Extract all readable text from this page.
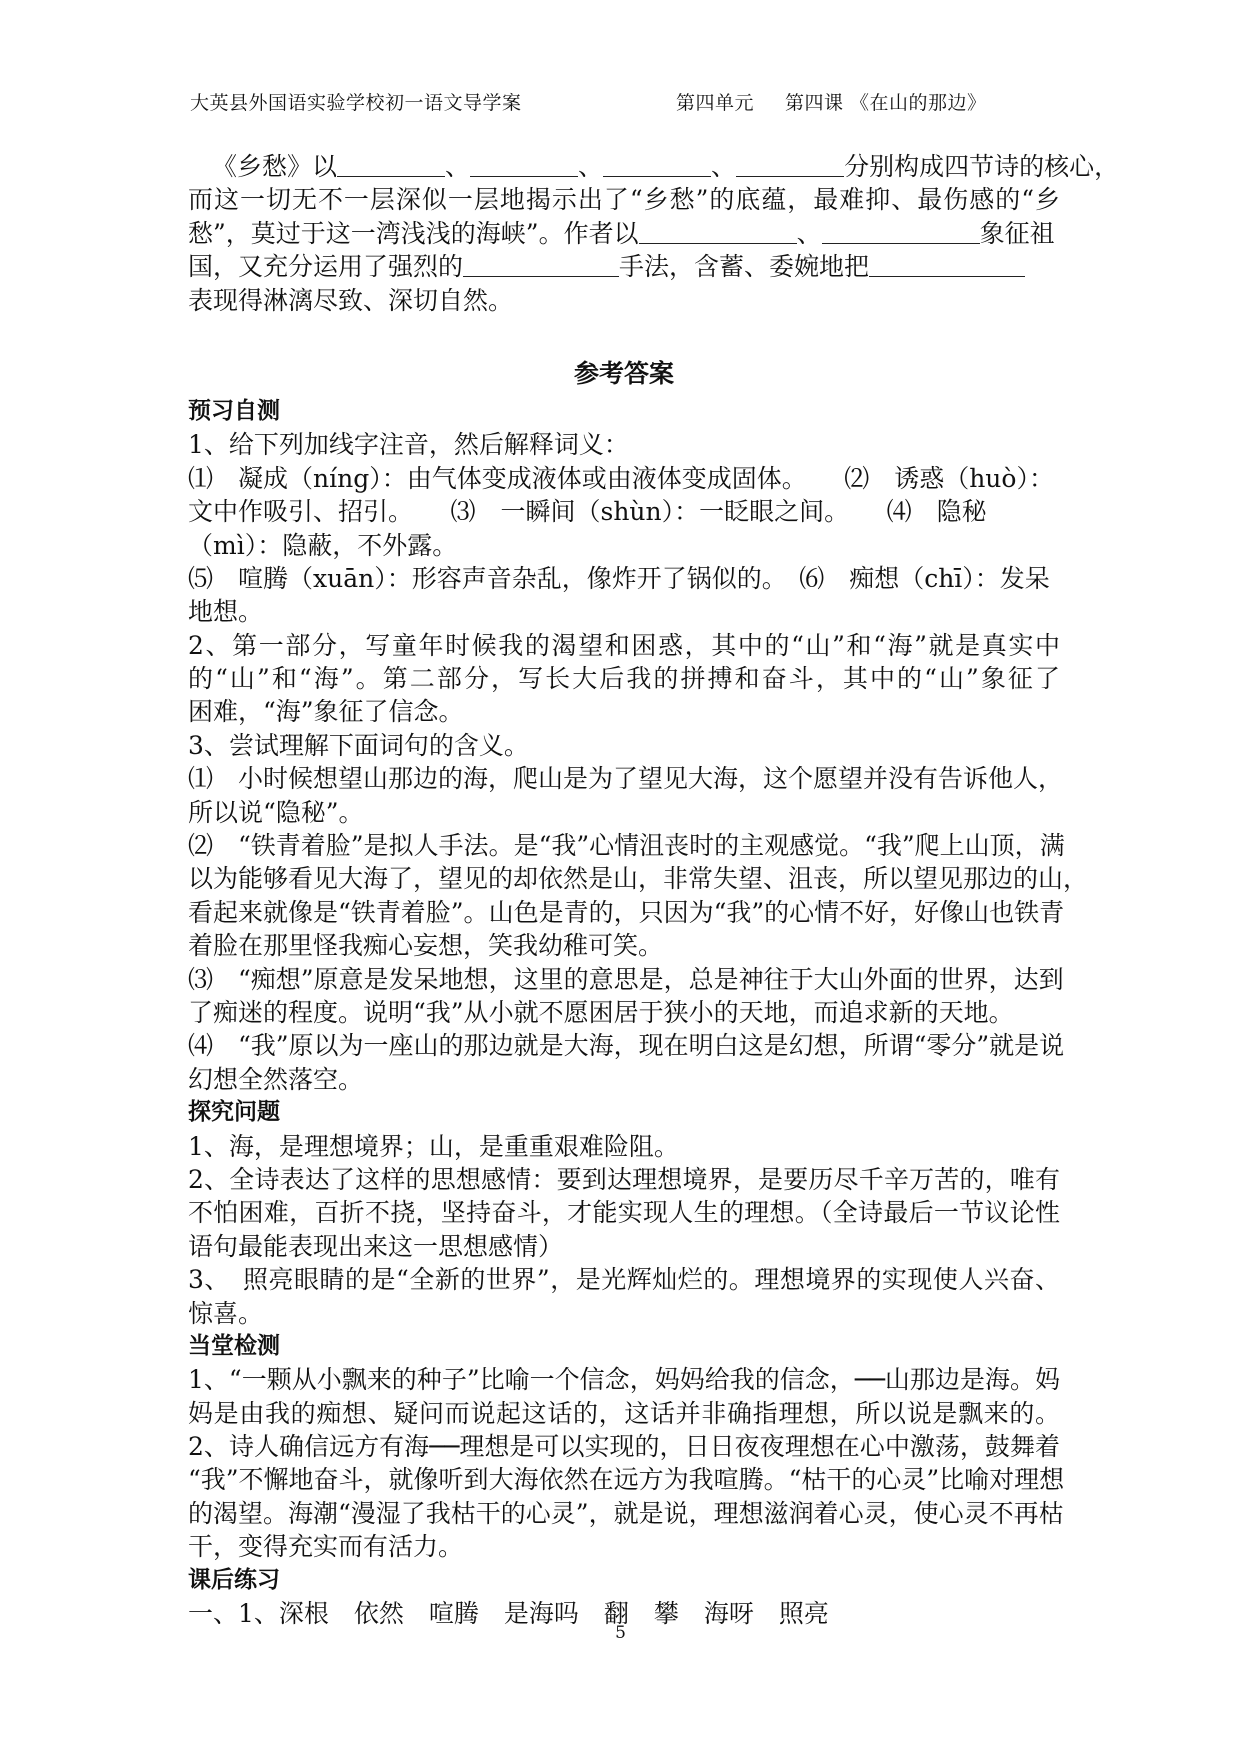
大英县外国语实验学校初一语文导学案	第四单元 第四课 《在山的那边》
《乡愁》以	、	、	、	分别构成四节诗的核心，
而这一切无不一层深似一层地揭示出了“乡愁”的底蕴，最难抑、最伤感的“乡
愁”，莫过于这一湾浅浅的海峡”。作者以	、	象征祖
国，又充分运用了强烈的	手法，含蓄、委婉地把
表现得淋漓尽致、深切自然。
参考答案
预习自测
1、给下列加线字注音，然后解释词义：
⑴　凝成（níng）：由气体变成液体或由液体变成固体。　　⑵　诱惑（huò）：
文中作吸引、招引。　　⑶　一瞬间（shùn）：一眨眼之间。　　⑷　隐秘
（mì）：隐蔽，不外露。
⑸　喧腾（xuān）：形容声音杂乱，像炸开了锅似的。　⑹　痴想（chī）：发呆
地想。
2、第一部分，写童年时候我的渴望和困惑，其中的“山”和“海”就是真实中
的“山”和“海”。第二部分，写长大后我的拼搏和奋斗，其中的“山”象征了
困难，“海”象征了信念。
3、尝试理解下面词句的含义。
⑴　小时候想望山那边的海，爬山是为了望见大海，这个愿望并没有告诉他人，
所以说“隐秘”。
⑵　“铁青着脸”是拟人手法。是“我”心情沮丧时的主观感觉。“我”爬上山顶，满
以为能够看见大海了，望见的却依然是山，非常失望、沮丧，所以望见那边的山，
看起来就像是“铁青着脸”。山色是青的，只因为“我”的心情不好，好像山也铁青
着脸在那里怪我痴心妄想，笑我幼稚可笑。
⑶　“痴想”原意是发呆地想，这里的意思是，总是神往于大山外面的世界，达到
了痴迷的程度。说明“我”从小就不愿困居于狭小的天地，而追求新的天地。
⑷　“我”原以为一座山的那边就是大海，现在明白这是幻想，所谓“零分”就是说
幻想全然落空。
探究问题
1、海，是理想境界；山，是重重艰难险阻。
2、全诗表达了这样的思想感情：要到达理想境界，是要历尽千辛万苦的，唯有
不怕困难，百折不挠，坚持奋斗，才能实现人生的理想。（全诗最后一节议论性
语句最能表现出来这一思想感情）
3、　照亮眼睛的是“全新的世界”，是光辉灿烂的。理想境界的实现使人兴奋、
惊喜。
当堂检测
1、“一颗从小飘来的种子”比喻一个信念，妈妈给我的信念，──山那边是海。妈
妈是由我的痴想、疑问而说起这话的，这话并非确指理想，所以说是飘来的。
2、诗人确信远方有海──理想是可以实现的，日日夜夜理想在心中激荡，鼓舞着
“我”不懈地奋斗，就像听到大海依然在远方为我喧腾。“枯干的心灵”比喻对理想
的渴望。海潮“漫湿了我枯干的心灵”，就是说，理想滋润着心灵，使心灵不再枯
干，变得充实而有活力。
课后练习
一、1、深根　依然　喧腾　是海吗　翻　攀　海呀　照亮
5
